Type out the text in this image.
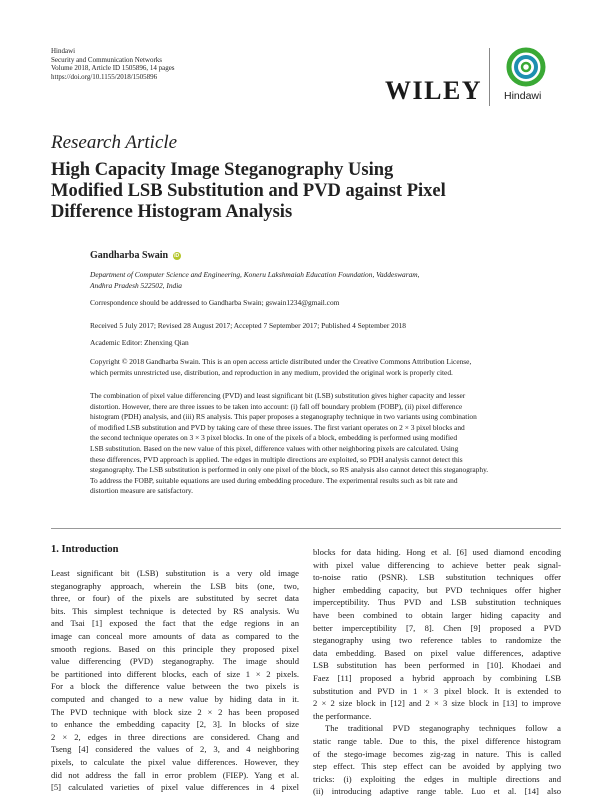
Hindawi
Security and Communication Networks
Volume 2018, Article ID 1505896, 14 pages
https://doi.org/10.1155/2018/1505896	WILEY Hindawi
Research Article
High Capacity Image Steganography Using
Modified LSB Substitution and PVD against Pixel
Difference Histogram Analysis
Gandharba Swain iD
Department of Computer Science and Engineering, Koneru Lakshmaiah Education Foundation, Vaddeswaram,
Andhra Pradesh 522502, India
Correspondence should be addressed to Gandharba Swain; gswain1234@gmail.com
Received 5 July 2017; Revised 28 August 2017; Accepted 7 September 2017; Published 4 September 2018
Academic Editor: Zhenxing Qian
Copyright © 2018 Gandharba Swain. This is an open access article distributed under the Creative Commons Attribution License,
which permits unrestricted use, distribution, and reproduction in any medium, provided the original work is properly cited.
The combination of pixel value differencing (PVD) and least significant bit (LSB) substitution gives higher capacity and lesser
distortion. However, there are three issues to be taken into account: (i) fall off boundary problem (FOBP), (ii) pixel difference
histogram (PDH) analysis, and (iii) RS analysis. This paper proposes a steganography technique in two variants using combination
of modified LSB substitution and PVD by taking care of these three issues. The first variant operates on 2 × 3 pixel blocks and
the second technique operates on 3 × 3 pixel blocks. In one of the pixels of a block, embedding is performed using modified
LSB substitution. Based on the new value of this pixel, difference values with other neighboring pixels are calculated. Using
these differences, PVD approach is applied. The edges in multiple directions are exploited, so PDH analysis cannot detect this
steganography. The LSB substitution is performed in only one pixel of the block, so RS analysis also cannot detect this steganography.
To address the FOBP, suitable equations are used during embedding procedure. The experimental results such as bit rate and
distortion measure are satisfactory.
1. Introduction
Least significant bit (LSB) substitution is a very old image
steganography approach, wherein the LSB bits (one, two,
three, or four) of the pixels are substituted by secret data
bits. This simplest technique is detected by RS analysis. Wu
and Tsai [1] exposed the fact that the edge regions in an
image can conceal more amounts of data as compared to the
smooth regions. Based on this principle they proposed pixel
value differencing (PVD) steganography. The image should
be partitioned into different blocks, each of size 1 × 2 pixels.
For a block the difference value between the two pixels is
computed and changed to a new value by hiding data in it.
The PVD technique with block size 2 × 2 has been proposed
to enhance the embedding capacity [2, 3]. In blocks of size
2 × 2, edges in three directions are considered. Chang and
Tseng [4] considered the values of 2, 3, and 4 neighboring
pixels, to calculate the pixel value differences. However, they
did not address the fall in error problem (FIEP). Yang et al.
[5] calculated varieties of pixel value differences in 4 pixel
blocks for data hiding. Hong et al. [6] used diamond encoding
with pixel value differencing to achieve better peak signal-
to-noise ratio (PSNR). LSB substitution techniques offer
higher embedding capacity, but PVD techniques offer higher
imperceptibility. Thus PVD and LSB substitution techniques
have been combined to obtain larger hiding capacity and
better imperceptibility [7, 8]. Chen [9] proposed a PVD
steganography using two reference tables to randomize the
data embedding. Based on pixel value differences, adaptive
LSB substitution has been performed in [10]. Khodaei and
Faez [11] proposed a hybrid approach by combining LSB
substitution and PVD in 1 × 3 pixel block. It is extended to
2 × 2 size block in [12] and 2 × 3 size block in [13] to improve
the performance.
The traditional PVD steganography techniques follow a
static range table. Due to this, the pixel difference histogram
of the stego-image becomes zig-zag in nature. This is called
step effect. This step effect can be avoided by applying two
tricks: (i) exploiting the edges in multiple directions and
(ii) introducing adaptive range table. Luo et al. [14] also
